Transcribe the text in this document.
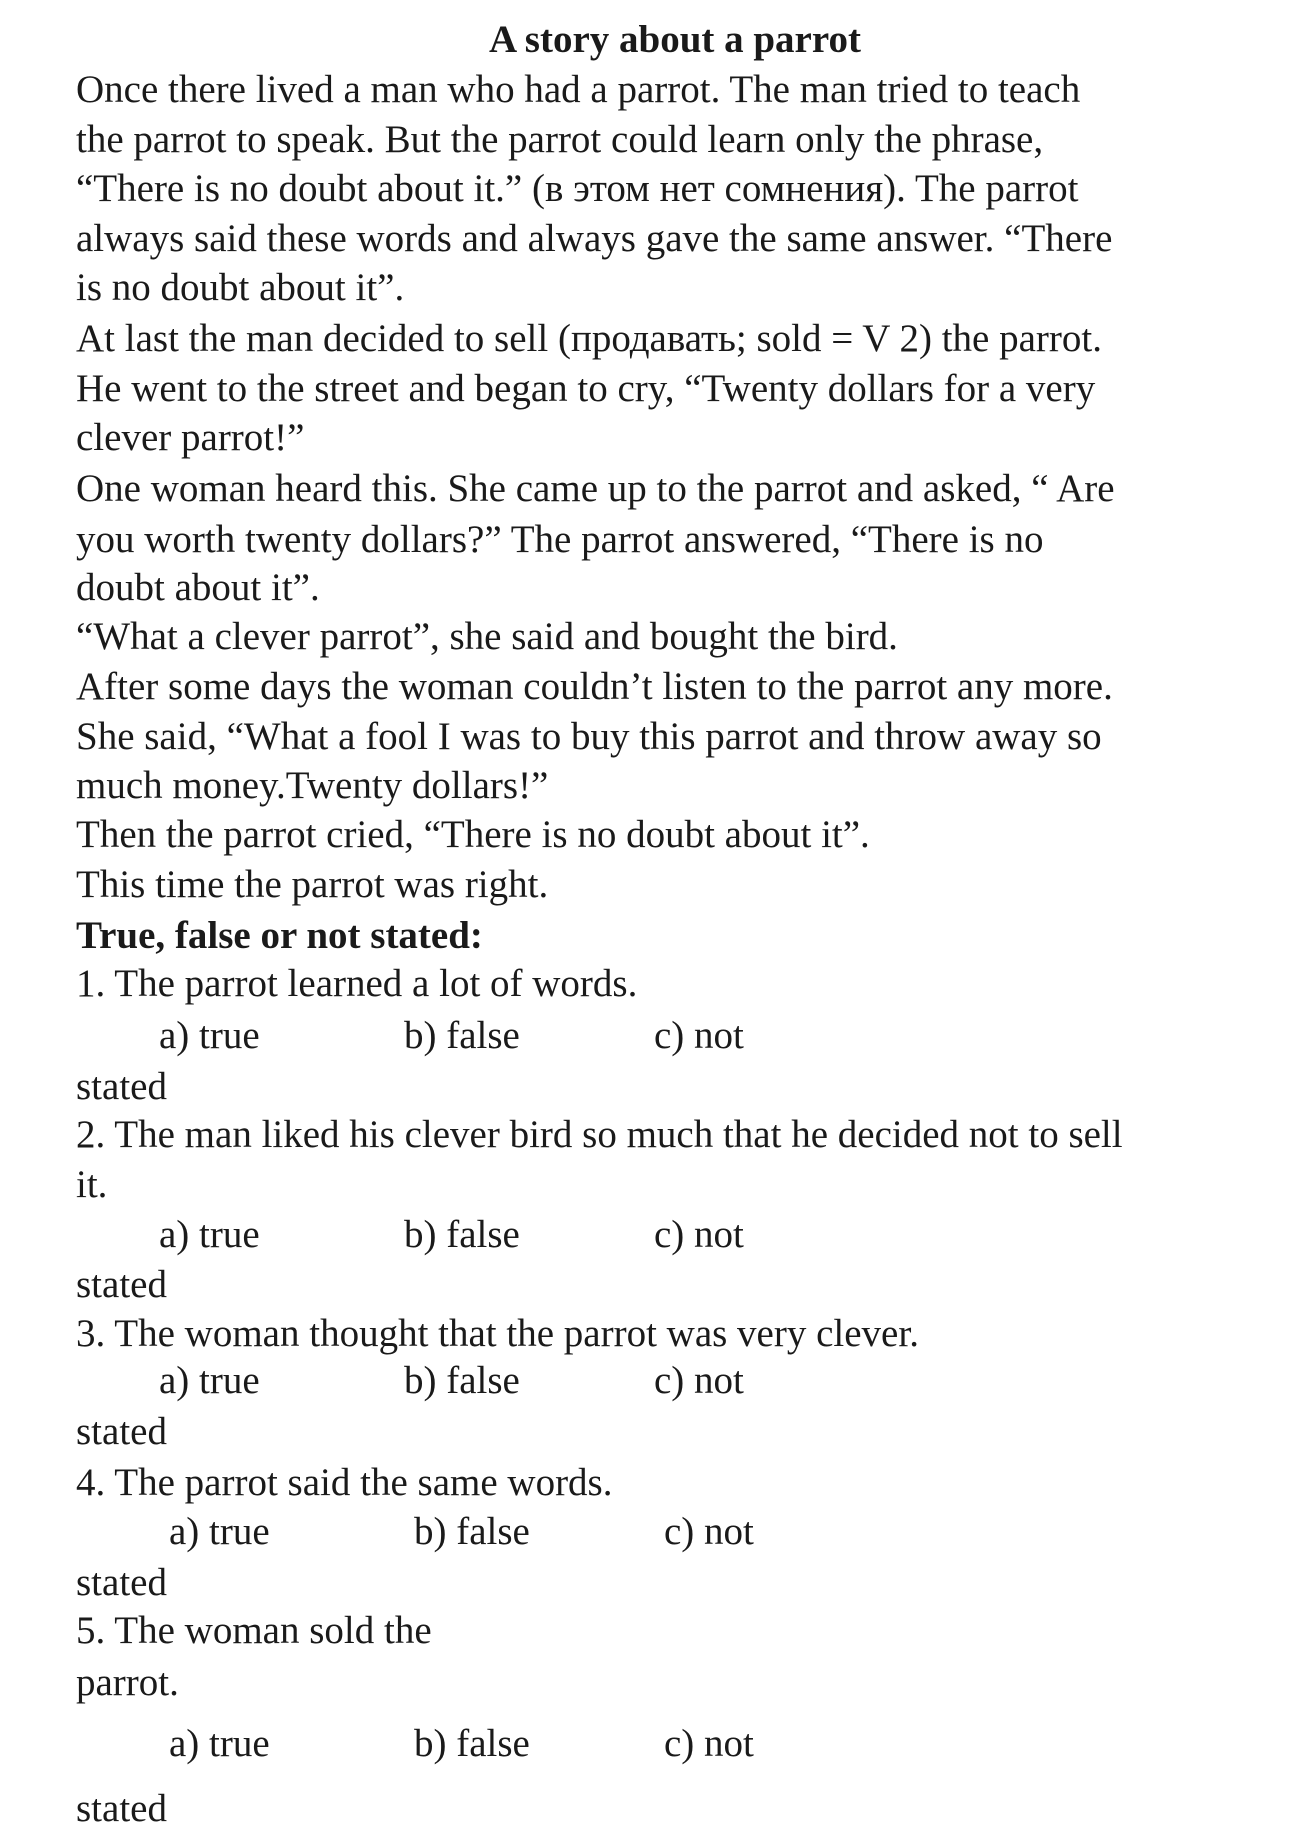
A story about a parrot

Once there lived a man who had a parrot. The man tried to teach

the parrot to speak. But the parrot could learn only the phrase,

“There is no doubt about it.” (в этом нет сомнения). The parrot

always said these words and always gave the same answer. “There

is no doubt about it”.

At last the man decided to sell (продавать; sold = V 2) the parrot.

He went to the street and began to cry, “Twenty dollars for a very

clever parrot!”

One woman heard this. She came up to the parrot and asked, “ Are

you worth twenty dollars?” The parrot answered, “There is no

doubt about it”.

“What a clever parrot”, she said and bought the bird.

After some days the woman couldn’t listen to the parrot any more.

She said, “What a fool I was to buy this parrot and throw away so

much money.Twenty dollars!”

Then the parrot cried, “There is no doubt about it”.

This time the parrot was right.

True, false or not stated:

1. The parrot learned a lot of words.

a) true	b) false	c) not

stated

2. The man liked his clever bird so much that he decided not to sell

it.

a) true	b) false	c) not

stated

3. The woman thought that the parrot was very clever.

a) true	b) false	c) not

stated

4. The parrot said the same words.

a) true	b) false	c) not

stated

5. The woman sold the

parrot.

a) true	b) false	c) not

stated
